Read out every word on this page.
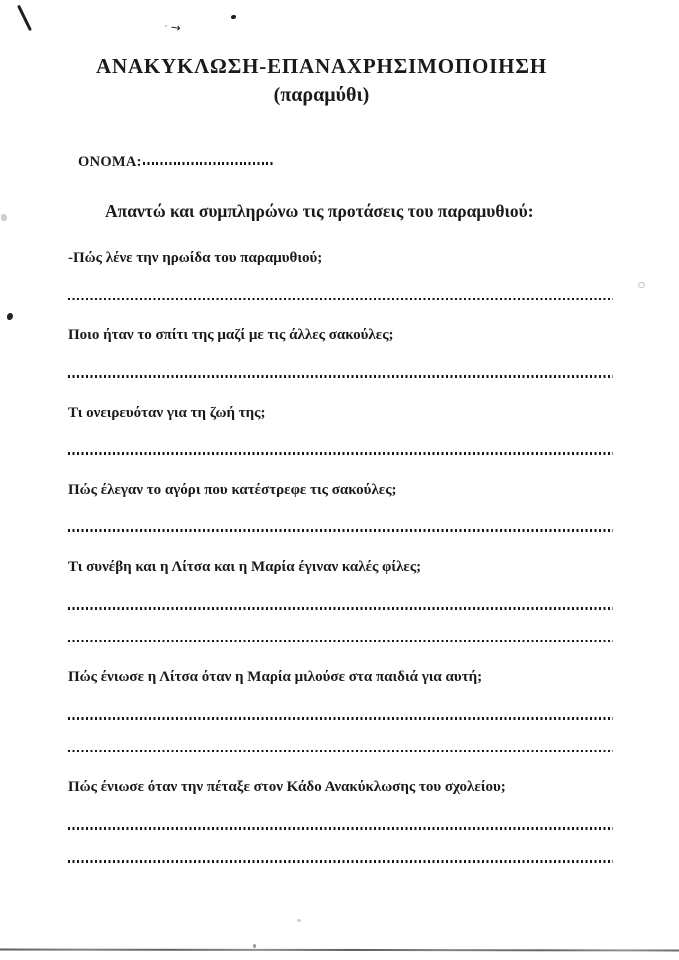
· →
ΑΝΑΚΥΚΛΩΣΗ-ΕΠΑΝΑΧΡΗΣΙΜΟΠΟΙΗΣΗ
(παραμύθι)
ΟΝΟΜΑ:
Απαντώ και συμπληρώνω τις προτάσεις του παραμυθιού:
-Πώς λένε την ηρωίδα του παραμυθιού;
Ποιο ήταν το σπίτι της μαζί με τις άλλες σακούλες;
Τι ονειρευόταν για τη ζωή της;
Πώς έλεγαν το αγόρι που κατέστρεφε τις σακούλες;
Τι συνέβη και η Λίτσα και η Μαρία έγιναν καλές φίλες;
Πώς ένιωσε η Λίτσα όταν η Μαρία μιλούσε στα παιδιά για αυτή;
Πώς ένιωσε όταν την πέταξε στον Κάδο Ανακύκλωσης του σχολείου;
